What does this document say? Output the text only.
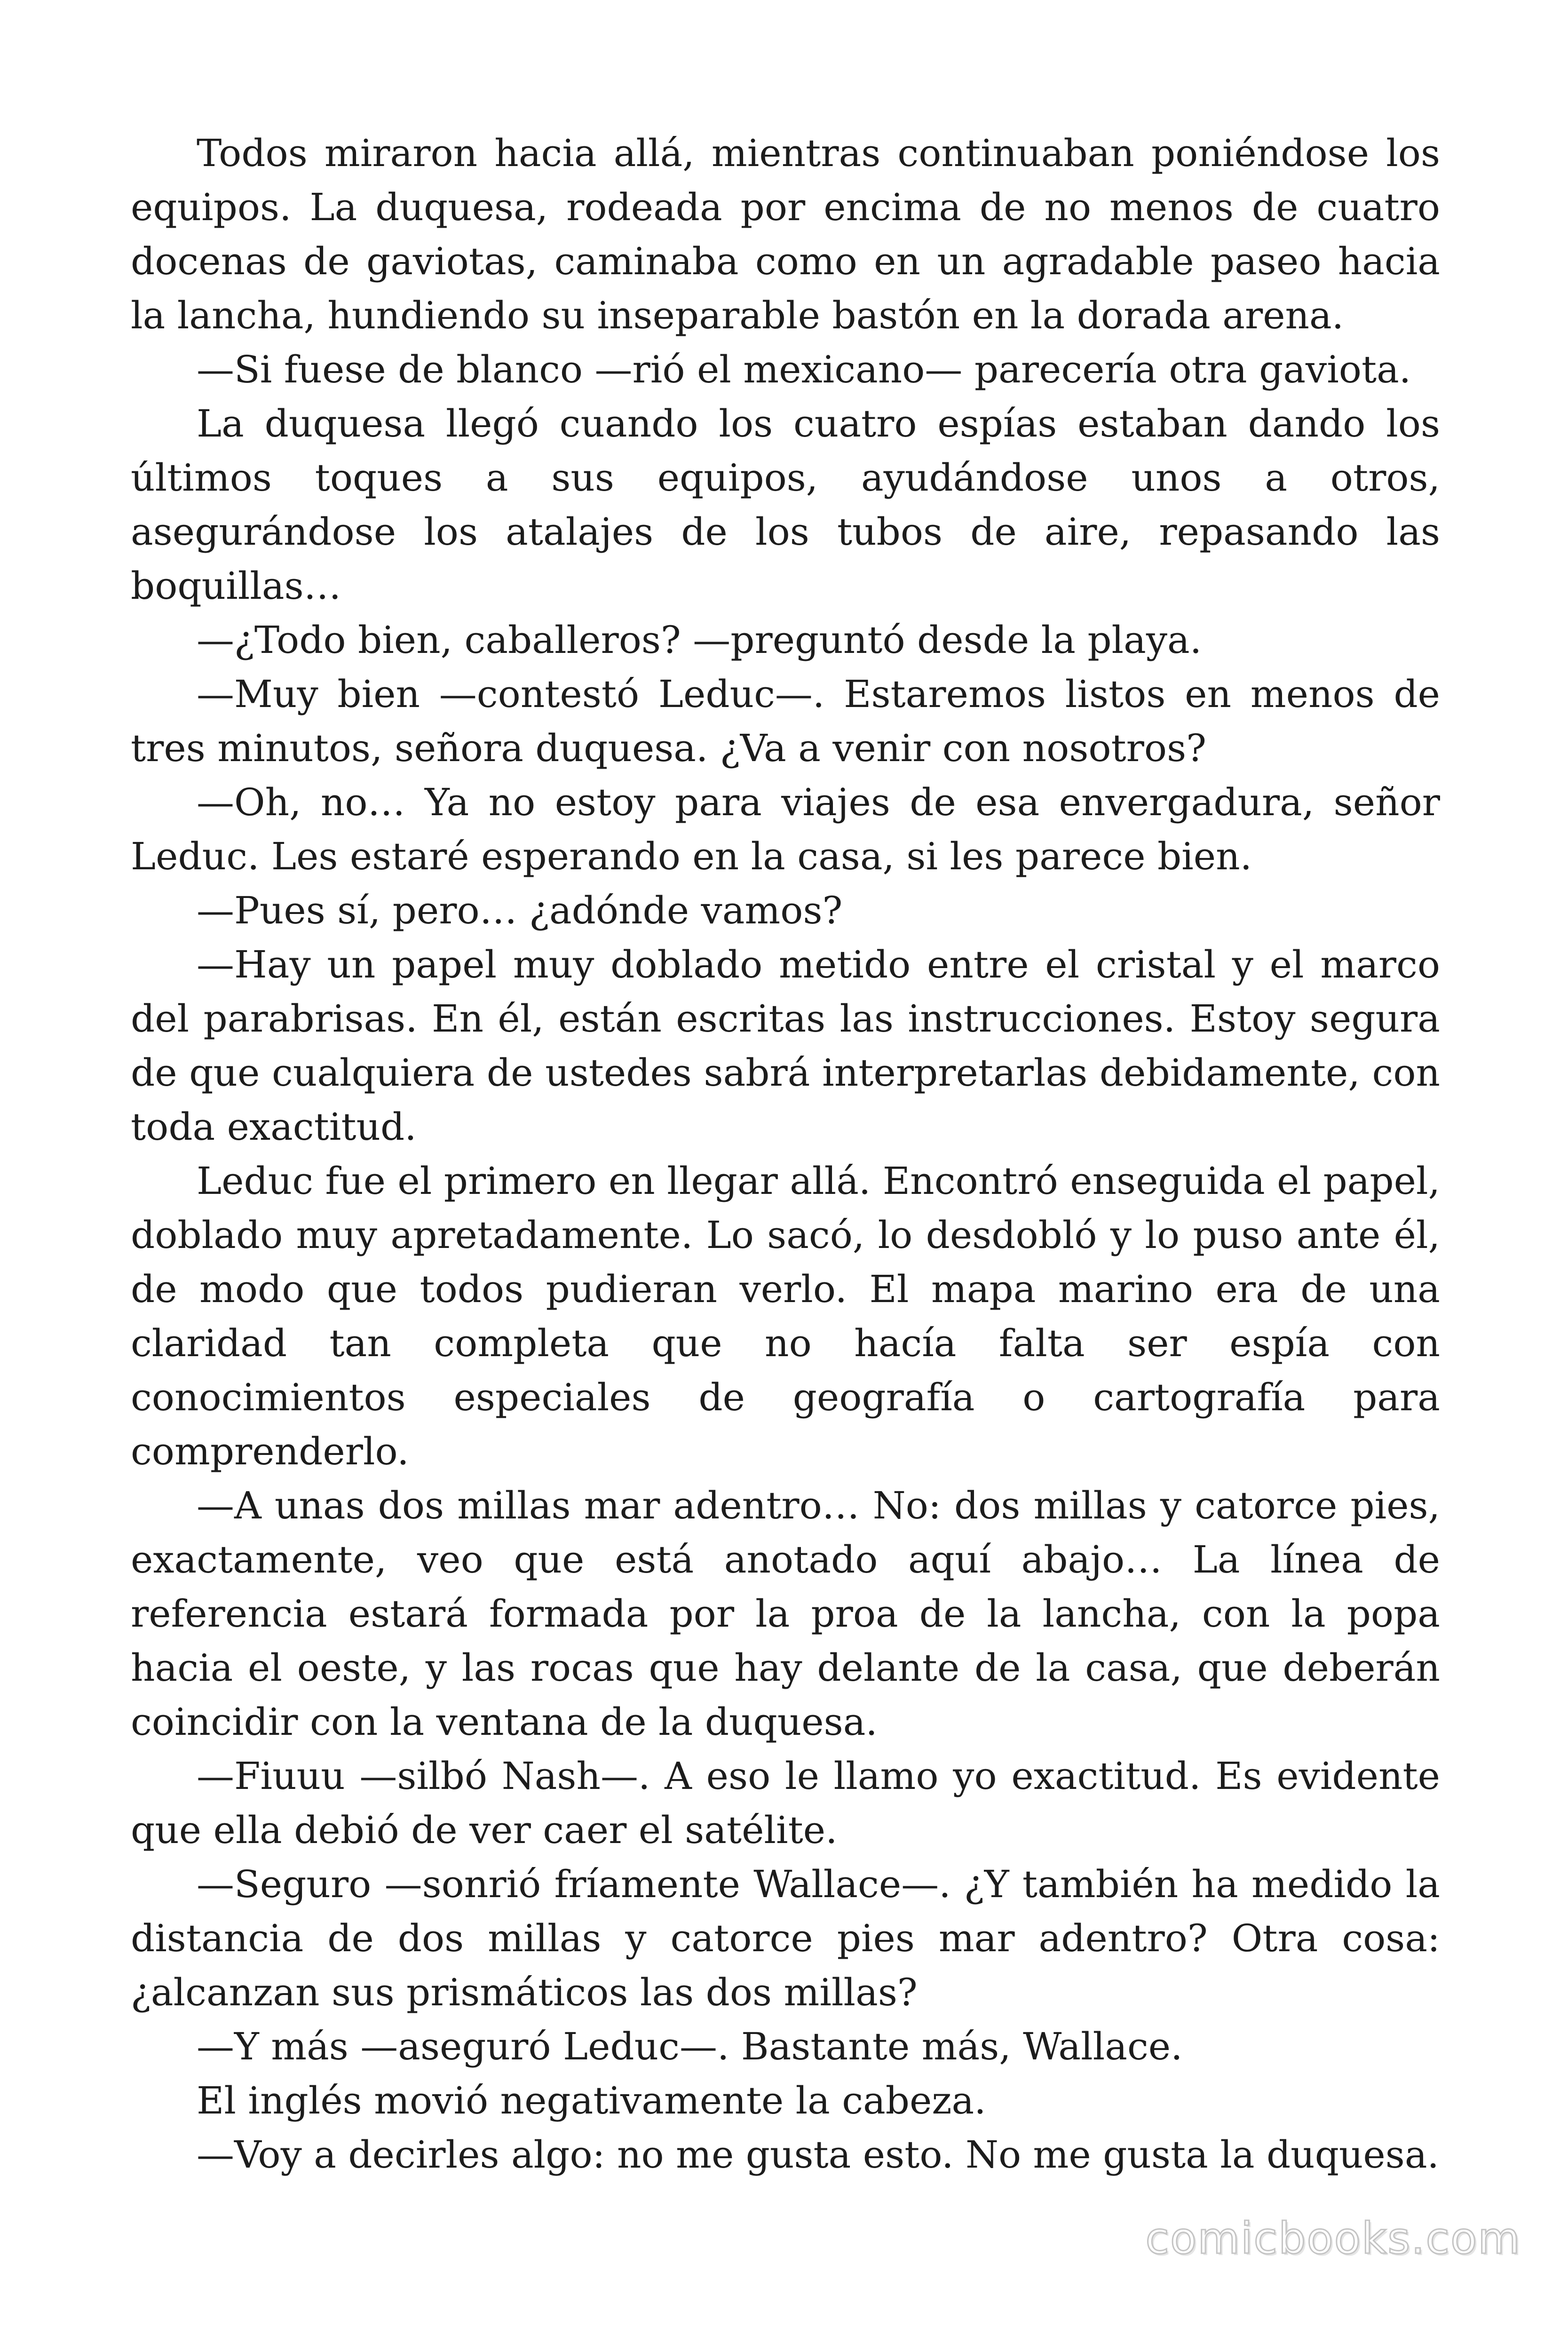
Todos miraron hacia allá, mientras continuaban poniéndose los equipos. La duquesa, rodeada por encima de no menos de cuatro docenas de gaviotas, caminaba como en un agradable paseo hacia la lancha, hundiendo su inseparable bastón en la dorada arena.

—Si fuese de blanco —rió el mexicano— parecería otra gaviota.

La duquesa llegó cuando los cuatro espías estaban dando los últimos toques a sus equipos, ayudándose unos a otros, asegurándose los atalajes de los tubos de aire, repasando las boquillas…

—¿Todo bien, caballeros? —preguntó desde la playa.

—Muy bien —contestó Leduc—. Estaremos listos en menos de tres minutos, señora duquesa. ¿Va a venir con nosotros?

—Oh, no… Ya no estoy para viajes de esa envergadura, señor Leduc. Les estaré esperando en la casa, si les parece bien.

—Pues sí, pero… ¿adónde vamos?

—Hay un papel muy doblado metido entre el cristal y el marco del parabrisas. En él, están escritas las instrucciones. Estoy segura de que cualquiera de ustedes sabrá interpretarlas debidamente, con toda exactitud.

Leduc fue el primero en llegar allá. Encontró enseguida el papel, doblado muy apretadamente. Lo sacó, lo desdobló y lo puso ante él, de modo que todos pudieran verlo. El mapa marino era de una claridad tan completa que no hacía falta ser espía con conocimientos especiales de geografía o cartografía para comprenderlo.

—A unas dos millas mar adentro… No: dos millas y catorce pies, exactamente, veo que está anotado aquí abajo… La línea de referencia estará formada por la proa de la lancha, con la popa hacia el oeste, y las rocas que hay delante de la casa, que deberán coincidir con la ventana de la duquesa.

—Fiuuu —silbó Nash—. A eso le llamo yo exactitud. Es evidente que ella debió de ver caer el satélite.

—Seguro —sonrió fríamente Wallace—. ¿Y también ha medido la distancia de dos millas y catorce pies mar adentro? Otra cosa: ¿alcanzan sus prismáticos las dos millas?

—Y más —aseguró Leduc—. Bastante más, Wallace.

El inglés movió negativamente la cabeza.

—Voy a decirles algo: no me gusta esto. No me gusta la duquesa.

comicbooks.com
